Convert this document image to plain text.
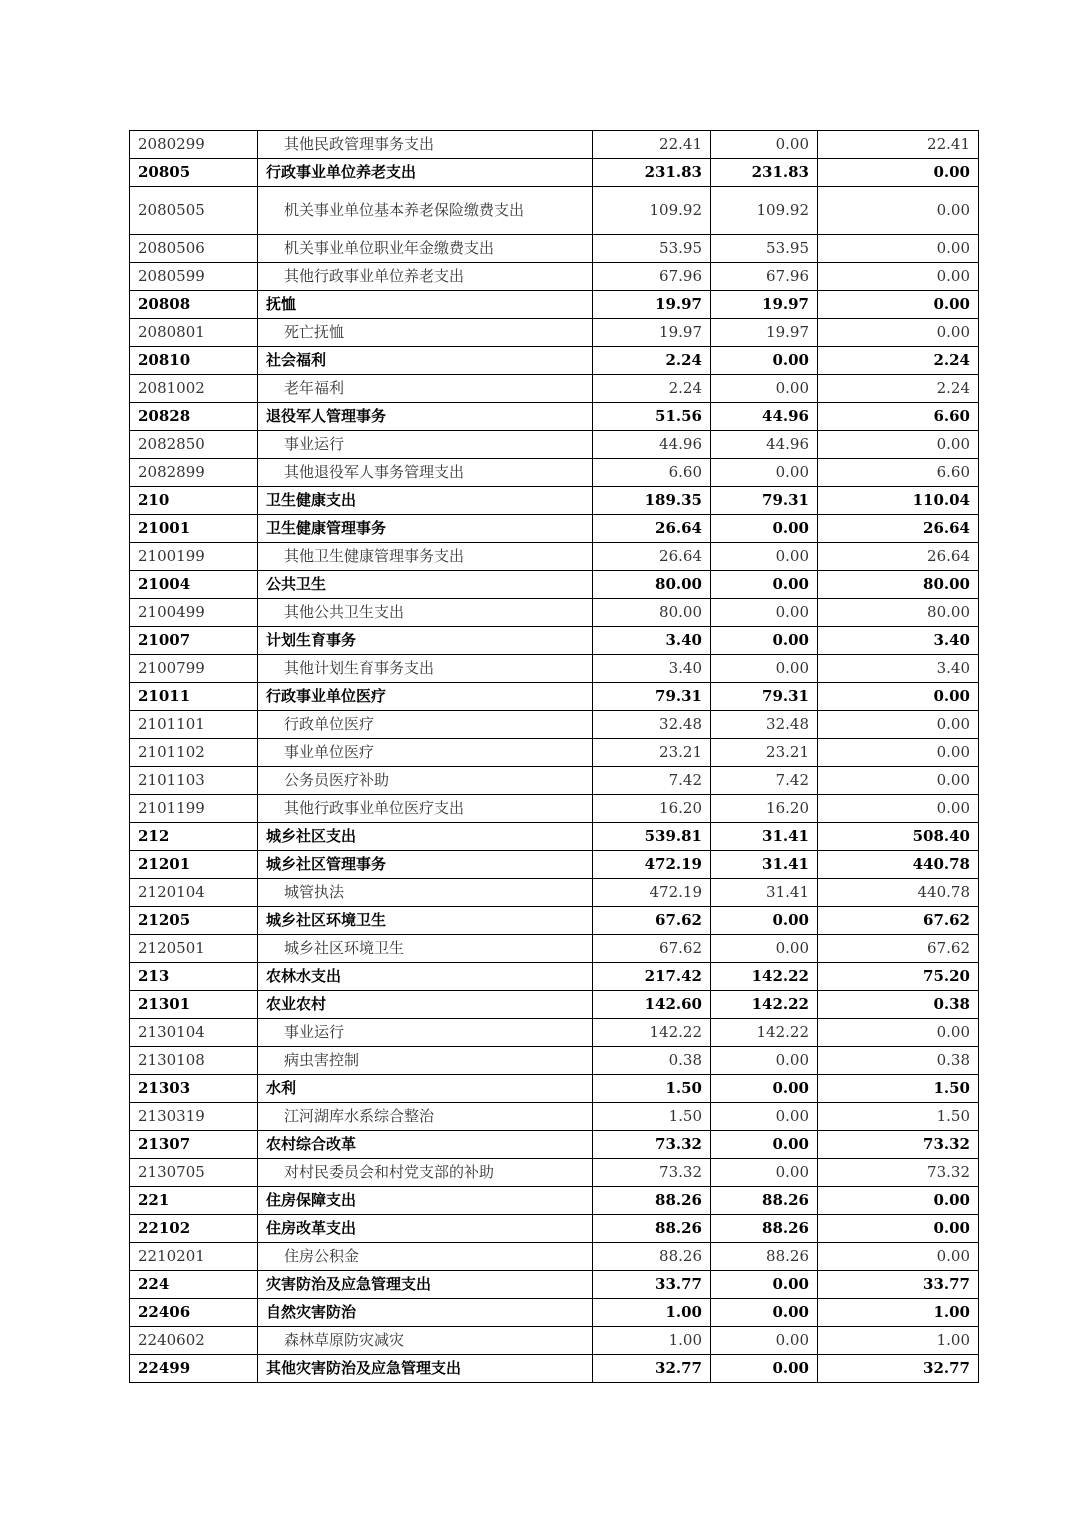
2080299	其他民政管理事务支出	22.41	0.00	22.41
20805	行政事业单位养老支出	231.83	231.83	0.00
2080505	机关事业单位基本养老保险缴费支出	109.92	109.92	0.00
2080506	机关事业单位职业年金缴费支出	53.95	53.95	0.00
2080599	其他行政事业单位养老支出	67.96	67.96	0.00
20808	抚恤	19.97	19.97	0.00
2080801	死亡抚恤	19.97	19.97	0.00
20810	社会福利	2.24	0.00	2.24
2081002	老年福利	2.24	0.00	2.24
20828	退役军人管理事务	51.56	44.96	6.60
2082850	事业运行	44.96	44.96	0.00
2082899	其他退役军人事务管理支出	6.60	0.00	6.60
210	卫生健康支出	189.35	79.31	110.04
21001	卫生健康管理事务	26.64	0.00	26.64
2100199	其他卫生健康管理事务支出	26.64	0.00	26.64
21004	公共卫生	80.00	0.00	80.00
2100499	其他公共卫生支出	80.00	0.00	80.00
21007	计划生育事务	3.40	0.00	3.40
2100799	其他计划生育事务支出	3.40	0.00	3.40
21011	行政事业单位医疗	79.31	79.31	0.00
2101101	行政单位医疗	32.48	32.48	0.00
2101102	事业单位医疗	23.21	23.21	0.00
2101103	公务员医疗补助	7.42	7.42	0.00
2101199	其他行政事业单位医疗支出	16.20	16.20	0.00
212	城乡社区支出	539.81	31.41	508.40
21201	城乡社区管理事务	472.19	31.41	440.78
2120104	城管执法	472.19	31.41	440.78
21205	城乡社区环境卫生	67.62	0.00	67.62
2120501	城乡社区环境卫生	67.62	0.00	67.62
213	农林水支出	217.42	142.22	75.20
21301	农业农村	142.60	142.22	0.38
2130104	事业运行	142.22	142.22	0.00
2130108	病虫害控制	0.38	0.00	0.38
21303	水利	1.50	0.00	1.50
2130319	江河湖库水系综合整治	1.50	0.00	1.50
21307	农村综合改革	73.32	0.00	73.32
2130705	对村民委员会和村党支部的补助	73.32	0.00	73.32
221	住房保障支出	88.26	88.26	0.00
22102	住房改革支出	88.26	88.26	0.00
2210201	住房公积金	88.26	88.26	0.00
224	灾害防治及应急管理支出	33.77	0.00	33.77
22406	自然灾害防治	1.00	0.00	1.00
2240602	森林草原防灾减灾	1.00	0.00	1.00
22499	其他灾害防治及应急管理支出	32.77	0.00	32.77
